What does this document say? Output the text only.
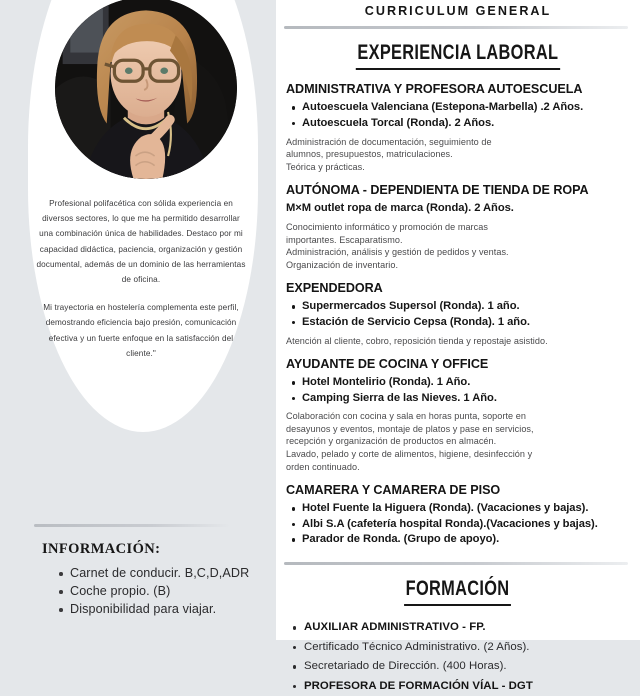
Profesional polifacética con sólida experiencia en diversos sectores, lo que me ha permitido desarrollar una combinación única de habilidades. Destaco por mi capacidad didáctica, paciencia, organización y gestión documental, además de un dominio de las herramientas de oficina.

Mi trayectoria en hostelería complementa este perfil, demostrando eficiencia bajo presión, comunicación efectiva y un fuerte enfoque en la satisfacción del cliente."

INFORMACIÓN:
Carnet de conducir. B,C,D,ADR
Coche propio. (B)
Disponibilidad para viajar.
CURRICULUM GENERAL
EXPERIENCIA LABORAL
ADMINISTRATIVA Y PROFESORA AUTOESCUELA
Autoescuela Valenciana (Estepona-Marbella) .2 Años.
Autoescuela Torcal (Ronda). 2 Años.
Administración de documentación, seguimiento de
alumnos, presupuestos, matriculaciones.
Teórica y prácticas.
AUTÓNOMA - DEPENDIENTA DE TIENDA DE ROPA

M×M outlet ropa de marca (Ronda). 2 Años.

Conocimiento informático y promoción de marcas
importantes. Escaparatismo.
Administración, análisis y gestión de pedidos y ventas.
Organización de inventario.
EXPENDEDORA
Supermercados Supersol (Ronda). 1 año.
Estación de Servicio Cepsa (Ronda). 1 año.
Atención al cliente, cobro, reposición tienda y repostaje asistido.
AYUDANTE DE COCINA Y OFFICE
Hotel Montelirio (Ronda). 1 Año.
Camping Sierra de las Nieves. 1 Año.
Colaboración con cocina y sala en horas punta, soporte en
desayunos y eventos, montaje de platos y pase en servicios,
recepción y organización de productos en almacén.
Lavado, pelado y corte de alimentos, higiene, desinfección y
orden continuado.
CAMARERA Y CAMARERA DE PISO
Hotel Fuente la Higuera (Ronda). (Vacaciones y bajas).
Albi S.A (cafetería hospital Ronda).(Vacaciones y bajas).
Parador de Ronda. (Grupo de apoyo).
FORMACIÓN
AUXILIAR ADMINISTRATIVO - FP.
Certificado Técnico Administrativo. (2 Años).
Secretariado de Dirección. (400 Horas).
PROFESORA DE FORMACIÓN VÍAL - DGT
